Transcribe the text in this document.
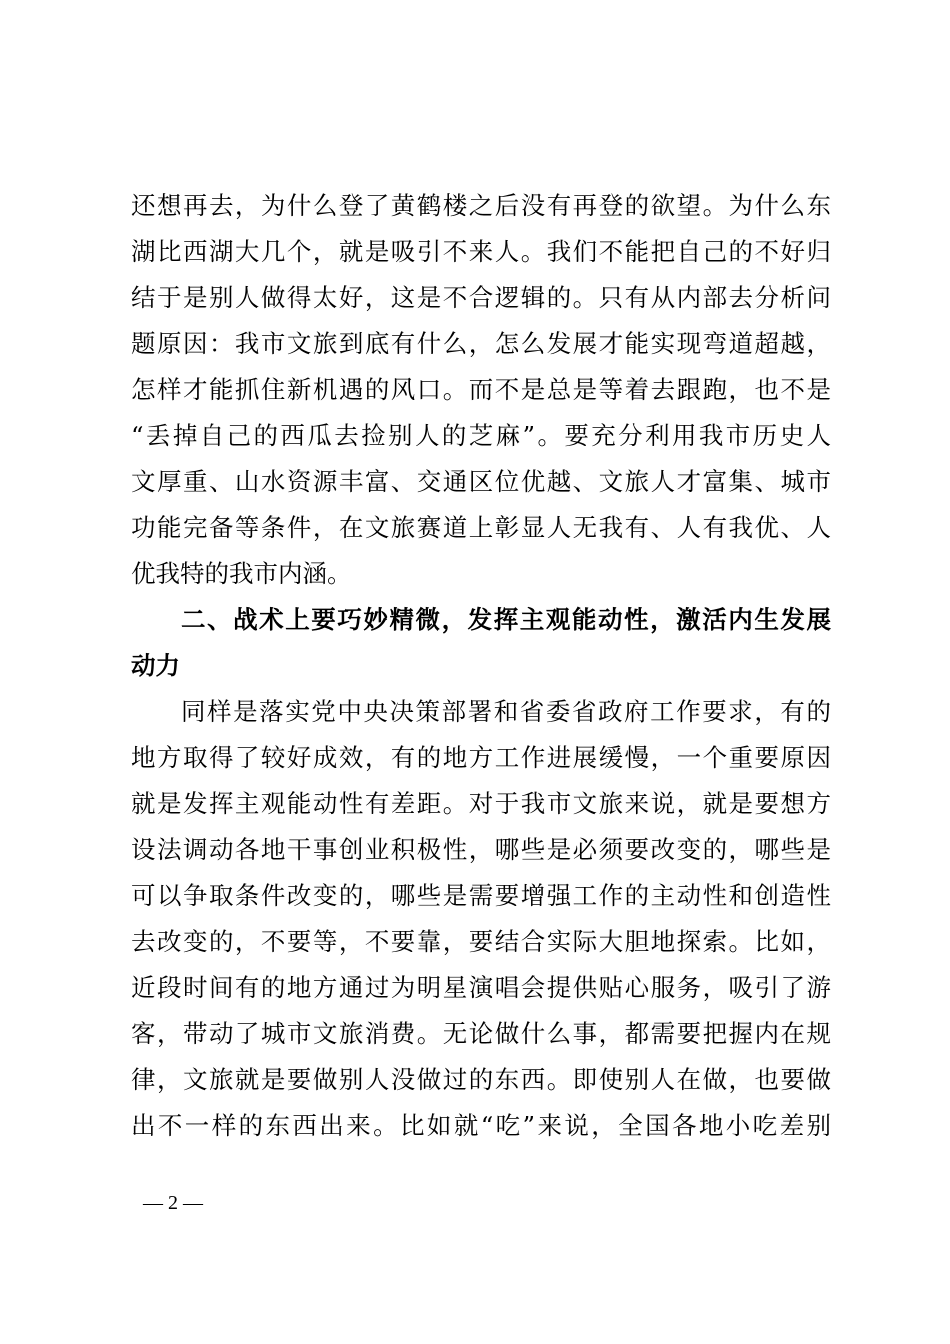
还想再去，为什么登了黄鹤楼之后没有再登的欲望。为什么东
湖比西湖大几个，就是吸引不来人。我们不能把自己的不好归
结于是别人做得太好，这是不合逻辑的。只有从内部去分析问
题原因：我市文旅到底有什么，怎么发展才能实现弯道超越，
怎样才能抓住新机遇的风口。而不是总是等着去跟跑，也不是
“丢掉自己的西瓜去捡别人的芝麻”。要充分利用我市历史人
文厚重、山水资源丰富、交通区位优越、文旅人才富集、城市
功能完备等条件，在文旅赛道上彰显人无我有、人有我优、人
优我特的我市内涵。
二、战术上要巧妙精微，发挥主观能动性，激活内生发展
动力
同样是落实党中央决策部署和省委省政府工作要求，有的
地方取得了较好成效，有的地方工作进展缓慢，一个重要原因
就是发挥主观能动性有差距。对于我市文旅来说，就是要想方
设法调动各地干事创业积极性，哪些是必须要改变的，哪些是
可以争取条件改变的，哪些是需要增强工作的主动性和创造性
去改变的，不要等，不要靠，要结合实际大胆地探索。比如，
近段时间有的地方通过为明星演唱会提供贴心服务，吸引了游
客，带动了城市文旅消费。无论做什么事，都需要把握内在规
律，文旅就是要做别人没做过的东西。即使别人在做，也要做
出不一样的东西出来。比如就“吃”来说，全国各地小吃差别
— 2 —
